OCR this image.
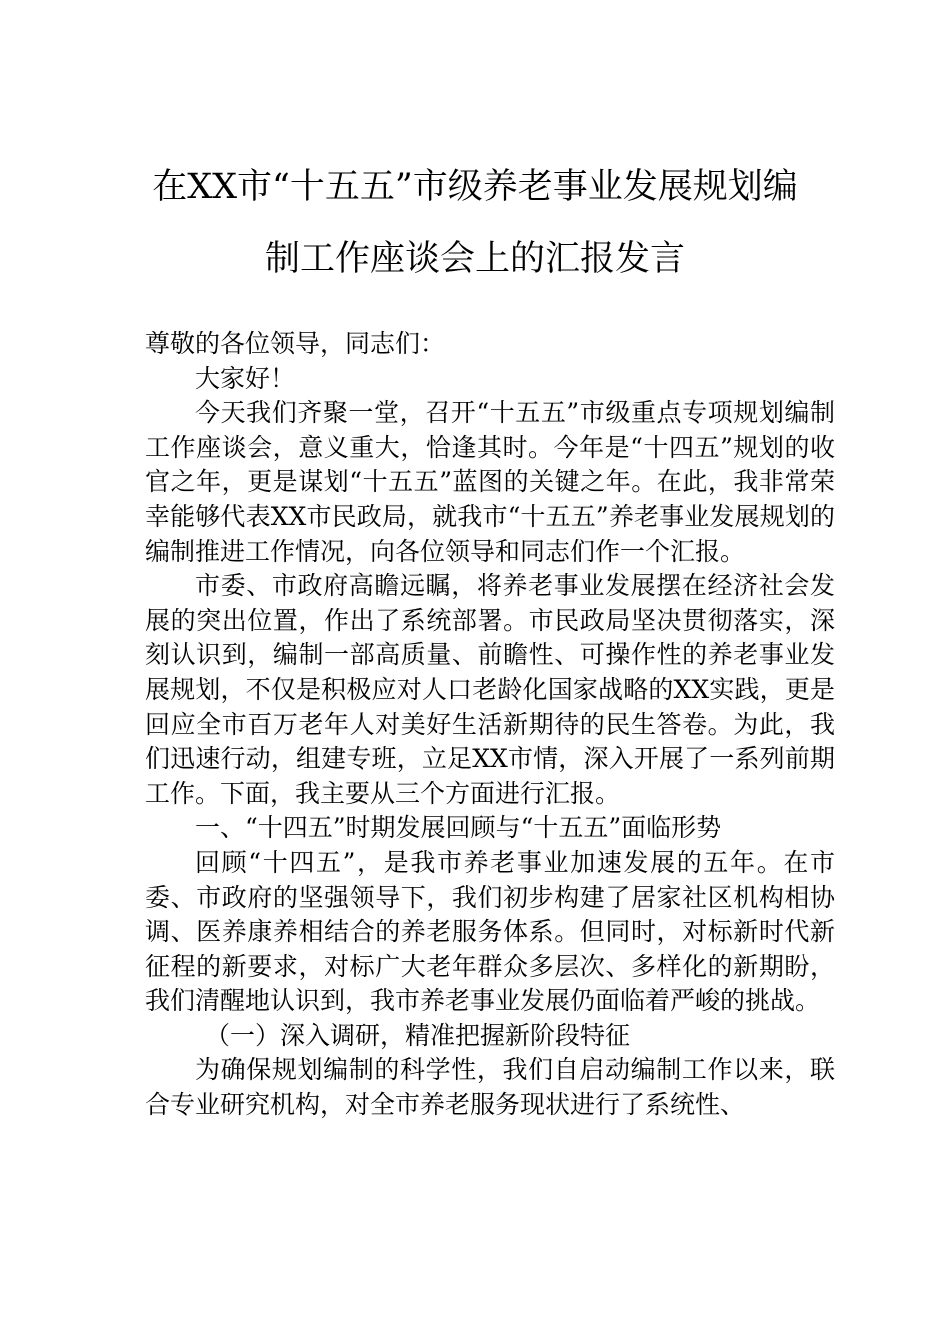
在XX市“十五五”市级养老事业发展规划编
制工作座谈会上的汇报发言

尊敬的各位领导，同志们：

大家好！

今天我们齐聚一堂，召开“十五五”市级重点专项规划编制工作座谈会，意义重大，恰逢其时。今年是“十四五”规划的收官之年，更是谋划“十五五”蓝图的关键之年。在此，我非常荣幸能够代表XX市民政局，就我市“十五五”养老事业发展规划的编制推进工作情况，向各位领导和同志们作一个汇报。

市委、市政府高瞻远瞩，将养老事业发展摆在经济社会发展的突出位置，作出了系统部署。市民政局坚决贯彻落实，深刻认识到，编制一部高质量、前瞻性、可操作性的养老事业发展规划，不仅是积极应对人口老龄化国家战略的XX实践，更是回应全市百万老年人对美好生活新期待的民生答卷。为此，我们迅速行动，组建专班，立足XX市情，深入开展了一系列前期工作。下面，我主要从三个方面进行汇报。

一、“十四五”时期发展回顾与“十五五”面临形势

回顾“十四五”，是我市养老事业加速发展的五年。在市委、市政府的坚强领导下，我们初步构建了居家社区机构相协调、医养康养相结合的养老服务体系。但同时，对标新时代新征程的新要求，对标广大老年群众多层次、多样化的新期盼，我们清醒地认识到，我市养老事业发展仍面临着严峻的挑战。

（一）深入调研，精准把握新阶段特征

为确保规划编制的科学性，我们自启动编制工作以来，联合专业研究机构，对全市养老服务现状进行了系统性、
